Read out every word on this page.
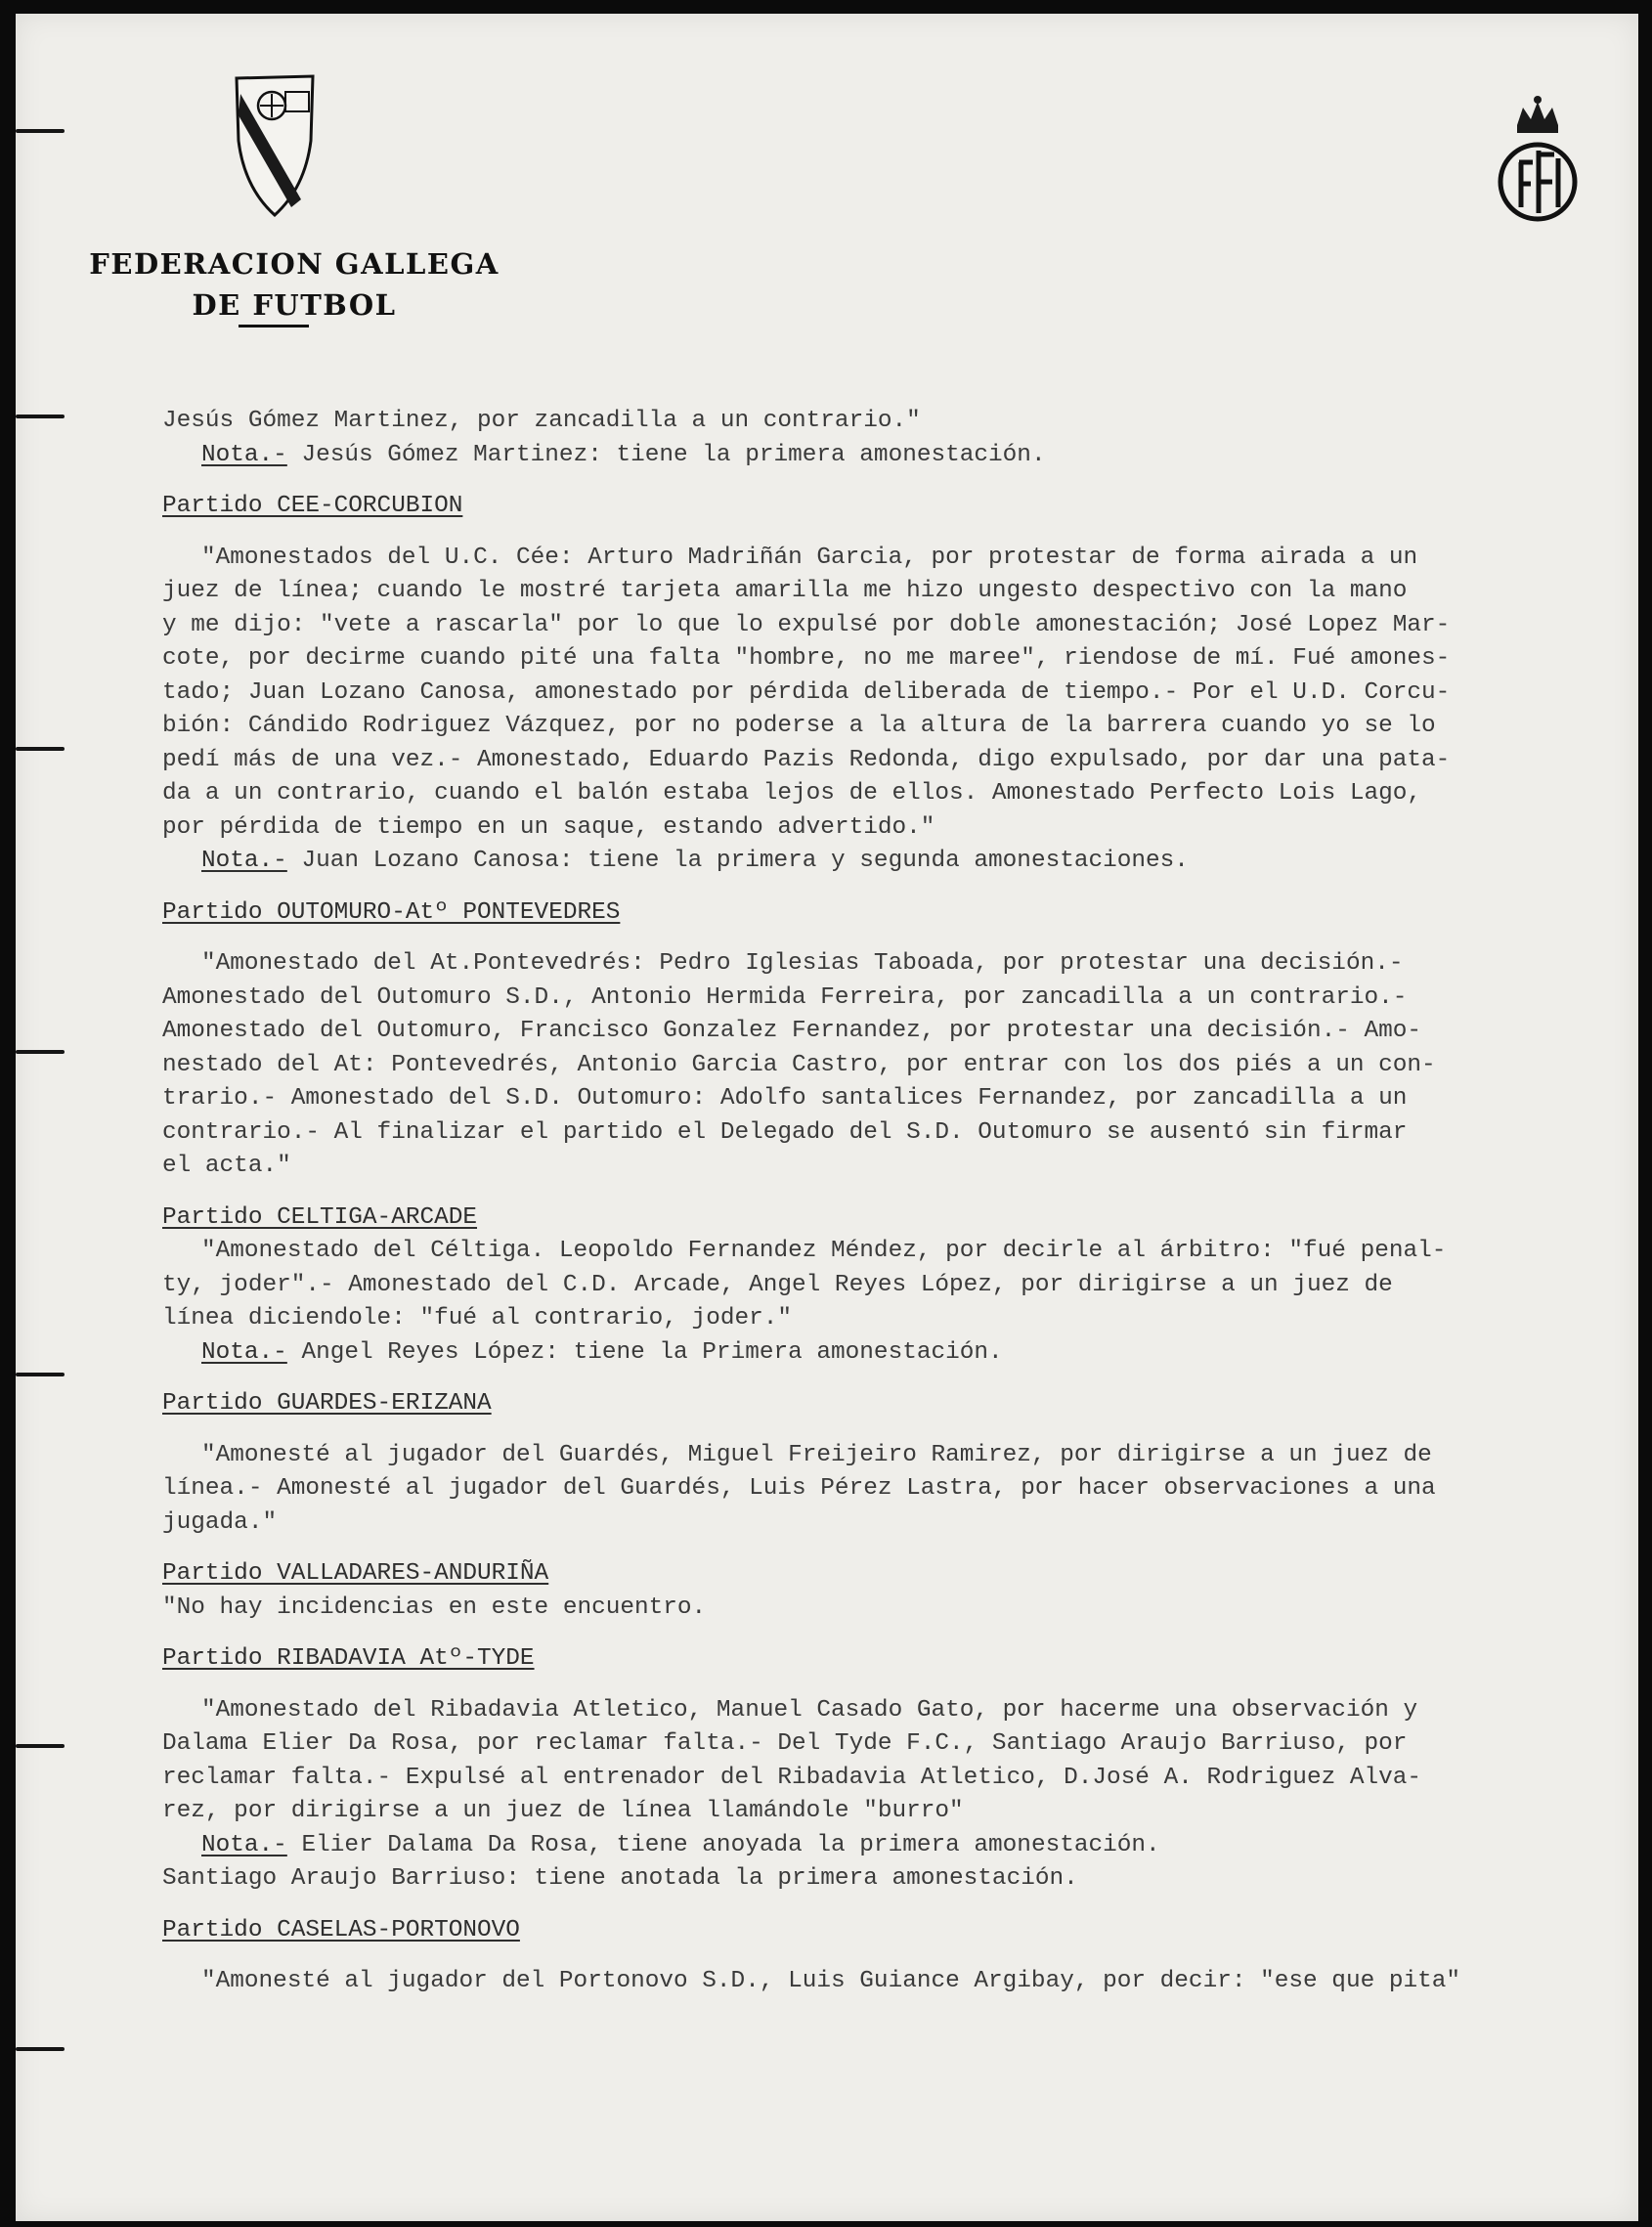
FEDERACION GALLEGA
DE FUTBOL
Jesús Gómez Martinez, por zancadilla a un contrario."
Nota.- Jesús Gómez Martinez: tiene la primera amonestación.
Partido CEE-CORCUBION
"Amonestados del U.C. Cée: Arturo Madriñán Garcia, por protestar de forma airada a un
juez de línea; cuando le mostré tarjeta amarilla me hizo ungesto despectivo con la mano
y me dijo: "vete a rascarla" por lo que lo expulsé por doble amonestación; José Lopez Mar-
cote, por decirme cuando pité una falta "hombre, no me maree", riendose de mí. Fué amones-
tado; Juan Lozano Canosa, amonestado por pérdida deliberada de tiempo.- Por el U.D. Corcu-
bión: Cándido Rodriguez Vázquez, por no poderse a la altura de la barrera cuando yo se lo
pedí más de una vez.- Amonestado, Eduardo Pazis Redonda, digo expulsado, por dar una pata-
da a un contrario, cuando el balón estaba lejos de ellos. Amonestado Perfecto Lois Lago,
por pérdida de tiempo en un saque, estando advertido."
Nota.- Juan Lozano Canosa: tiene la primera y segunda amonestaciones.
Partido OUTOMURO-Atº PONTEVEDRES
"Amonestado del At.Pontevedrés: Pedro Iglesias Taboada, por protestar una decisión.-
Amonestado del Outomuro S.D., Antonio Hermida Ferreira, por zancadilla a un contrario.-
Amonestado del Outomuro, Francisco Gonzalez Fernandez, por protestar una decisión.- Amo-
nestado del At: Pontevedrés, Antonio Garcia Castro, por entrar con los dos piés a un con-
trario.- Amonestado del S.D. Outomuro: Adolfo santalices Fernandez, por zancadilla a un
contrario.- Al finalizar el partido el Delegado del S.D. Outomuro se ausentó sin firmar
el acta."
Partido CELTIGA-ARCADE
"Amonestado del Céltiga. Leopoldo Fernandez Méndez, por decirle al árbitro: "fué penal-
ty, joder".- Amonestado del C.D. Arcade, Angel Reyes López, por dirigirse a un juez de
línea diciendole: "fué al contrario, joder."
Nota.- Angel Reyes López: tiene la Primera amonestación.
Partido GUARDES-ERIZANA
"Amonesté al jugador del Guardés, Miguel Freijeiro Ramirez, por dirigirse a un juez de
línea.- Amonesté al jugador del Guardés, Luis Pérez Lastra, por hacer observaciones a una
jugada."
Partido VALLADARES-ANDURIÑA
"No hay incidencias en este encuentro.
Partido RIBADAVIA Atº-TYDE
"Amonestado del Ribadavia Atletico, Manuel Casado Gato, por hacerme una observación y
Dalama Elier Da Rosa, por reclamar falta.- Del Tyde F.C., Santiago Araujo Barriuso, por
reclamar falta.- Expulsé al entrenador del Ribadavia Atletico, D.José A. Rodriguez Alva-
rez, por dirigirse a un juez de línea llamándole "burro"
Nota.- Elier Dalama Da Rosa, tiene anoyada la primera amonestación.
Santiago Araujo Barriuso: tiene anotada la primera amonestación.
Partido CASELAS-PORTONOVO
"Amonesté al jugador del Portonovo S.D., Luis Guiance Argibay, por decir: "ese que pita"
